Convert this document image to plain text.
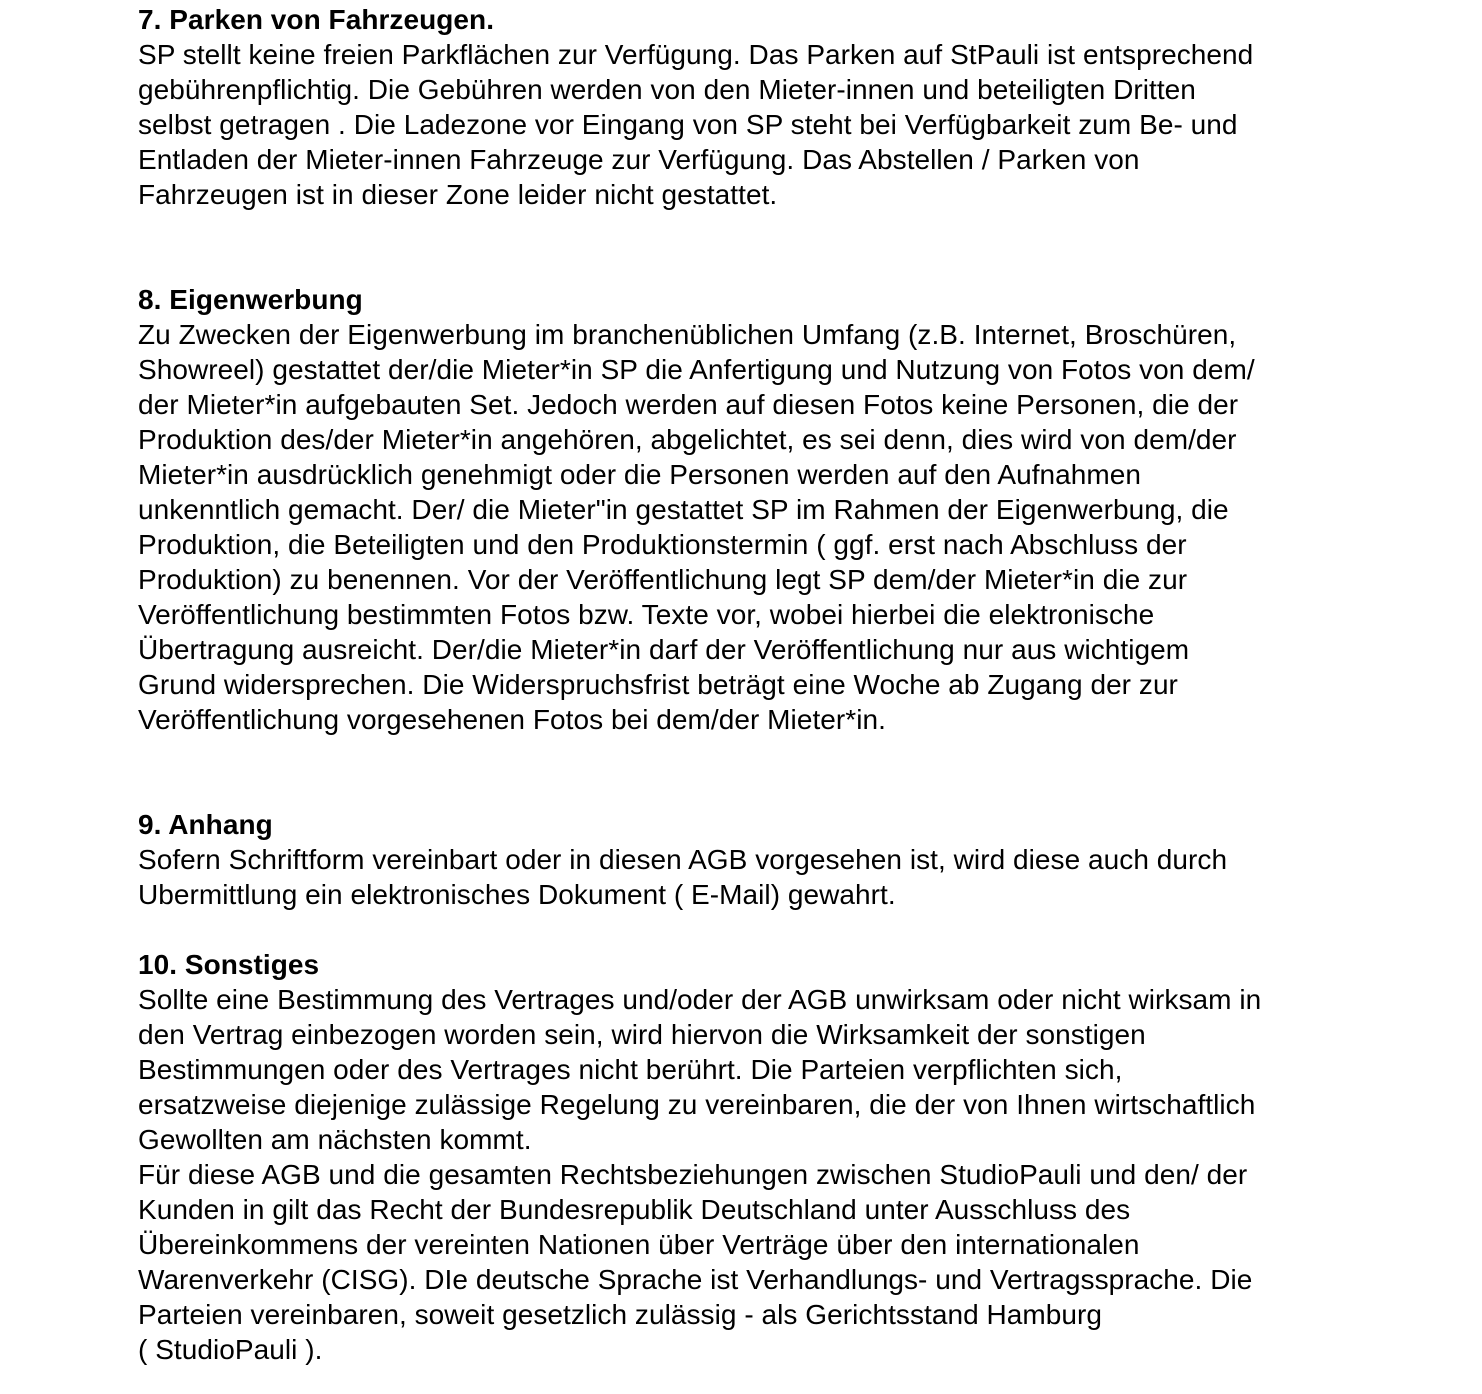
7. Parken von Fahrzeugen.

SP stellt keine freien Parkflächen zur Verfügung. Das Parken auf StPauli ist entsprechend

gebührenpflichtig. Die Gebühren werden von den Mieter-innen und beteiligten Dritten

selbst getragen . Die Ladezone vor Eingang von SP steht bei Verfügbarkeit zum Be- und

Entladen der Mieter-innen Fahrzeuge zur Verfügung. Das Abstellen / Parken von

Fahrzeugen ist in dieser Zone leider nicht gestattet.

8. Eigenwerbung

Zu Zwecken der Eigenwerbung im branchenüblichen Umfang (z.B. Internet, Broschüren,

Showreel) gestattet der/die Mieter*in SP die Anfertigung und Nutzung von Fotos von dem/

der Mieter*in aufgebauten Set. Jedoch werden auf diesen Fotos keine Personen, die der

Produktion des/der Mieter*in angehören, abgelichtet, es sei denn, dies wird von dem/der

Mieter*in ausdrücklich genehmigt oder die Personen werden auf den Aufnahmen

unkenntlich gemacht. Der/ die Mieter"in gestattet SP im Rahmen der Eigenwerbung, die

Produktion, die Beteiligten und den Produktionstermin ( ggf. erst nach Abschluss der

Produktion) zu benennen. Vor der Veröffentlichung legt SP dem/der Mieter*in die zur

Veröffentlichung bestimmten Fotos bzw. Texte vor, wobei hierbei die elektronische

Übertragung ausreicht. Der/die Mieter*in darf der Veröffentlichung nur aus wichtigem

Grund widersprechen. Die Widerspruchsfrist beträgt eine Woche ab Zugang der zur

Veröffentlichung vorgesehenen Fotos bei dem/der Mieter*in.

9. Anhang

Sofern Schriftform vereinbart oder in diesen AGB vorgesehen ist, wird diese auch durch

Ubermittlung ein elektronisches Dokument ( E-Mail) gewahrt.

10. Sonstiges

Sollte eine Bestimmung des Vertrages und/oder der AGB unwirksam oder nicht wirksam in

den Vertrag einbezogen worden sein, wird hiervon die Wirksamkeit der sonstigen

Bestimmungen oder des Vertrages nicht berührt. Die Parteien verpflichten sich,

ersatzweise diejenige zulässige Regelung zu vereinbaren, die der von Ihnen wirtschaftlich

Gewollten am nächsten kommt.

Für diese AGB und die gesamten Rechtsbeziehungen zwischen StudioPauli und den/ der

Kunden in gilt das Recht der Bundesrepublik Deutschland unter Ausschluss des

Übereinkommens der vereinten Nationen über Verträge über den internationalen

Warenverkehr (CISG). DIe deutsche Sprache ist Verhandlungs- und Vertragssprache. Die

Parteien vereinbaren, soweit gesetzlich zulässig - als Gerichtsstand Hamburg

( StudioPauli ).
